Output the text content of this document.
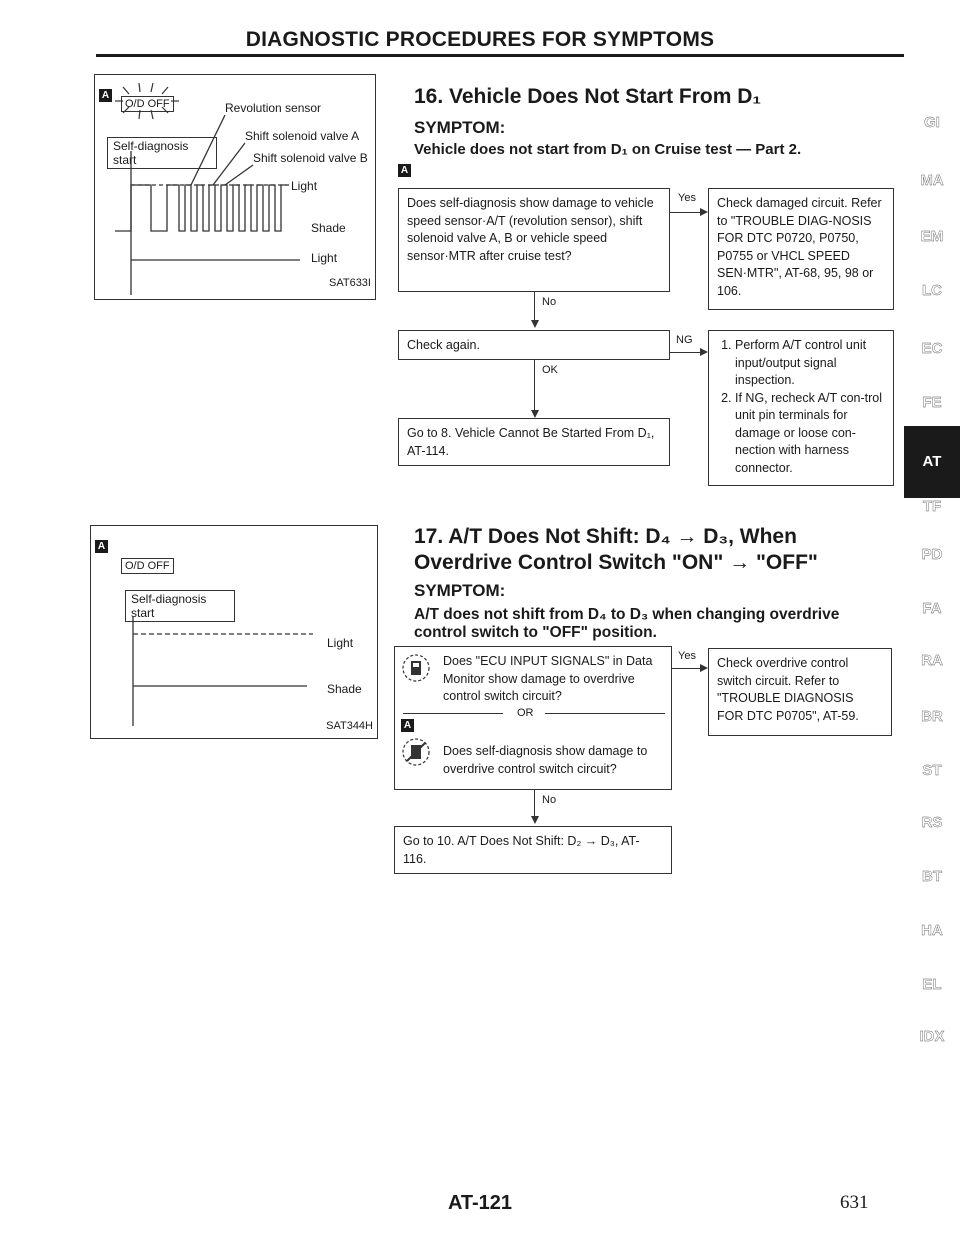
DIAGNOSTIC PROCEDURES FOR SYMPTOMS
A
O/D OFF
Self-diagnosis
start
Revolution sensor
Shift solenoid valve A
Shift solenoid valve B
Light
Shade
Light
SAT633I
16. Vehicle Does Not Start From D₁
SYMPTOM:
Vehicle does not start from D₁ on Cruise test — Part 2.
A
Does self-diagnosis show damage to vehicle speed sensor·A/T (revolution sensor), shift solenoid valve A, B or vehicle speed sensor·MTR after cruise test?
Yes	Check damaged circuit. Refer to "TROUBLE DIAG-NOSIS FOR DTC P0720, P0750, P0755 or VHCL SPEED SEN·MTR", AT-68, 95, 98 or 106.
No
Check again.	NG
1.	Perform A/T control unit input/output signal inspection.
2. If NG, recheck A/T con-trol unit pin terminals for damage or loose con-nection with harness connector.
OK
Go to 8. Vehicle Cannot Be Started From D₁, AT-114.
A
O/D OFF
Self-diagnosis
start
Light
Shade
SAT344H
17. A/T Does Not Shift: D₄ → D₃, When
Overdrive Control Switch "ON" → "OFF"
SYMPTOM:
A/T does not shift from D₄ to D₃ when changing overdrive
control switch to "OFF" position.
Does "ECU INPUT SIGNALS" in Data Monitor show damage to overdrive control switch circuit?
OR
A
Does self-diagnosis show damage to overdrive control switch circuit?
Yes	Check overdrive control switch circuit. Refer to "TROUBLE DIAGNOSIS FOR DTC P0705", AT-59.
No
Go to 10. A/T Does Not Shift: D₂ → D₃, AT-116.
GI
MA
EM
LC
EC
FE
AT
TF
PD
FA
RA
BR
ST
RS
BT
HA
EL
IDX
AT-121	631
